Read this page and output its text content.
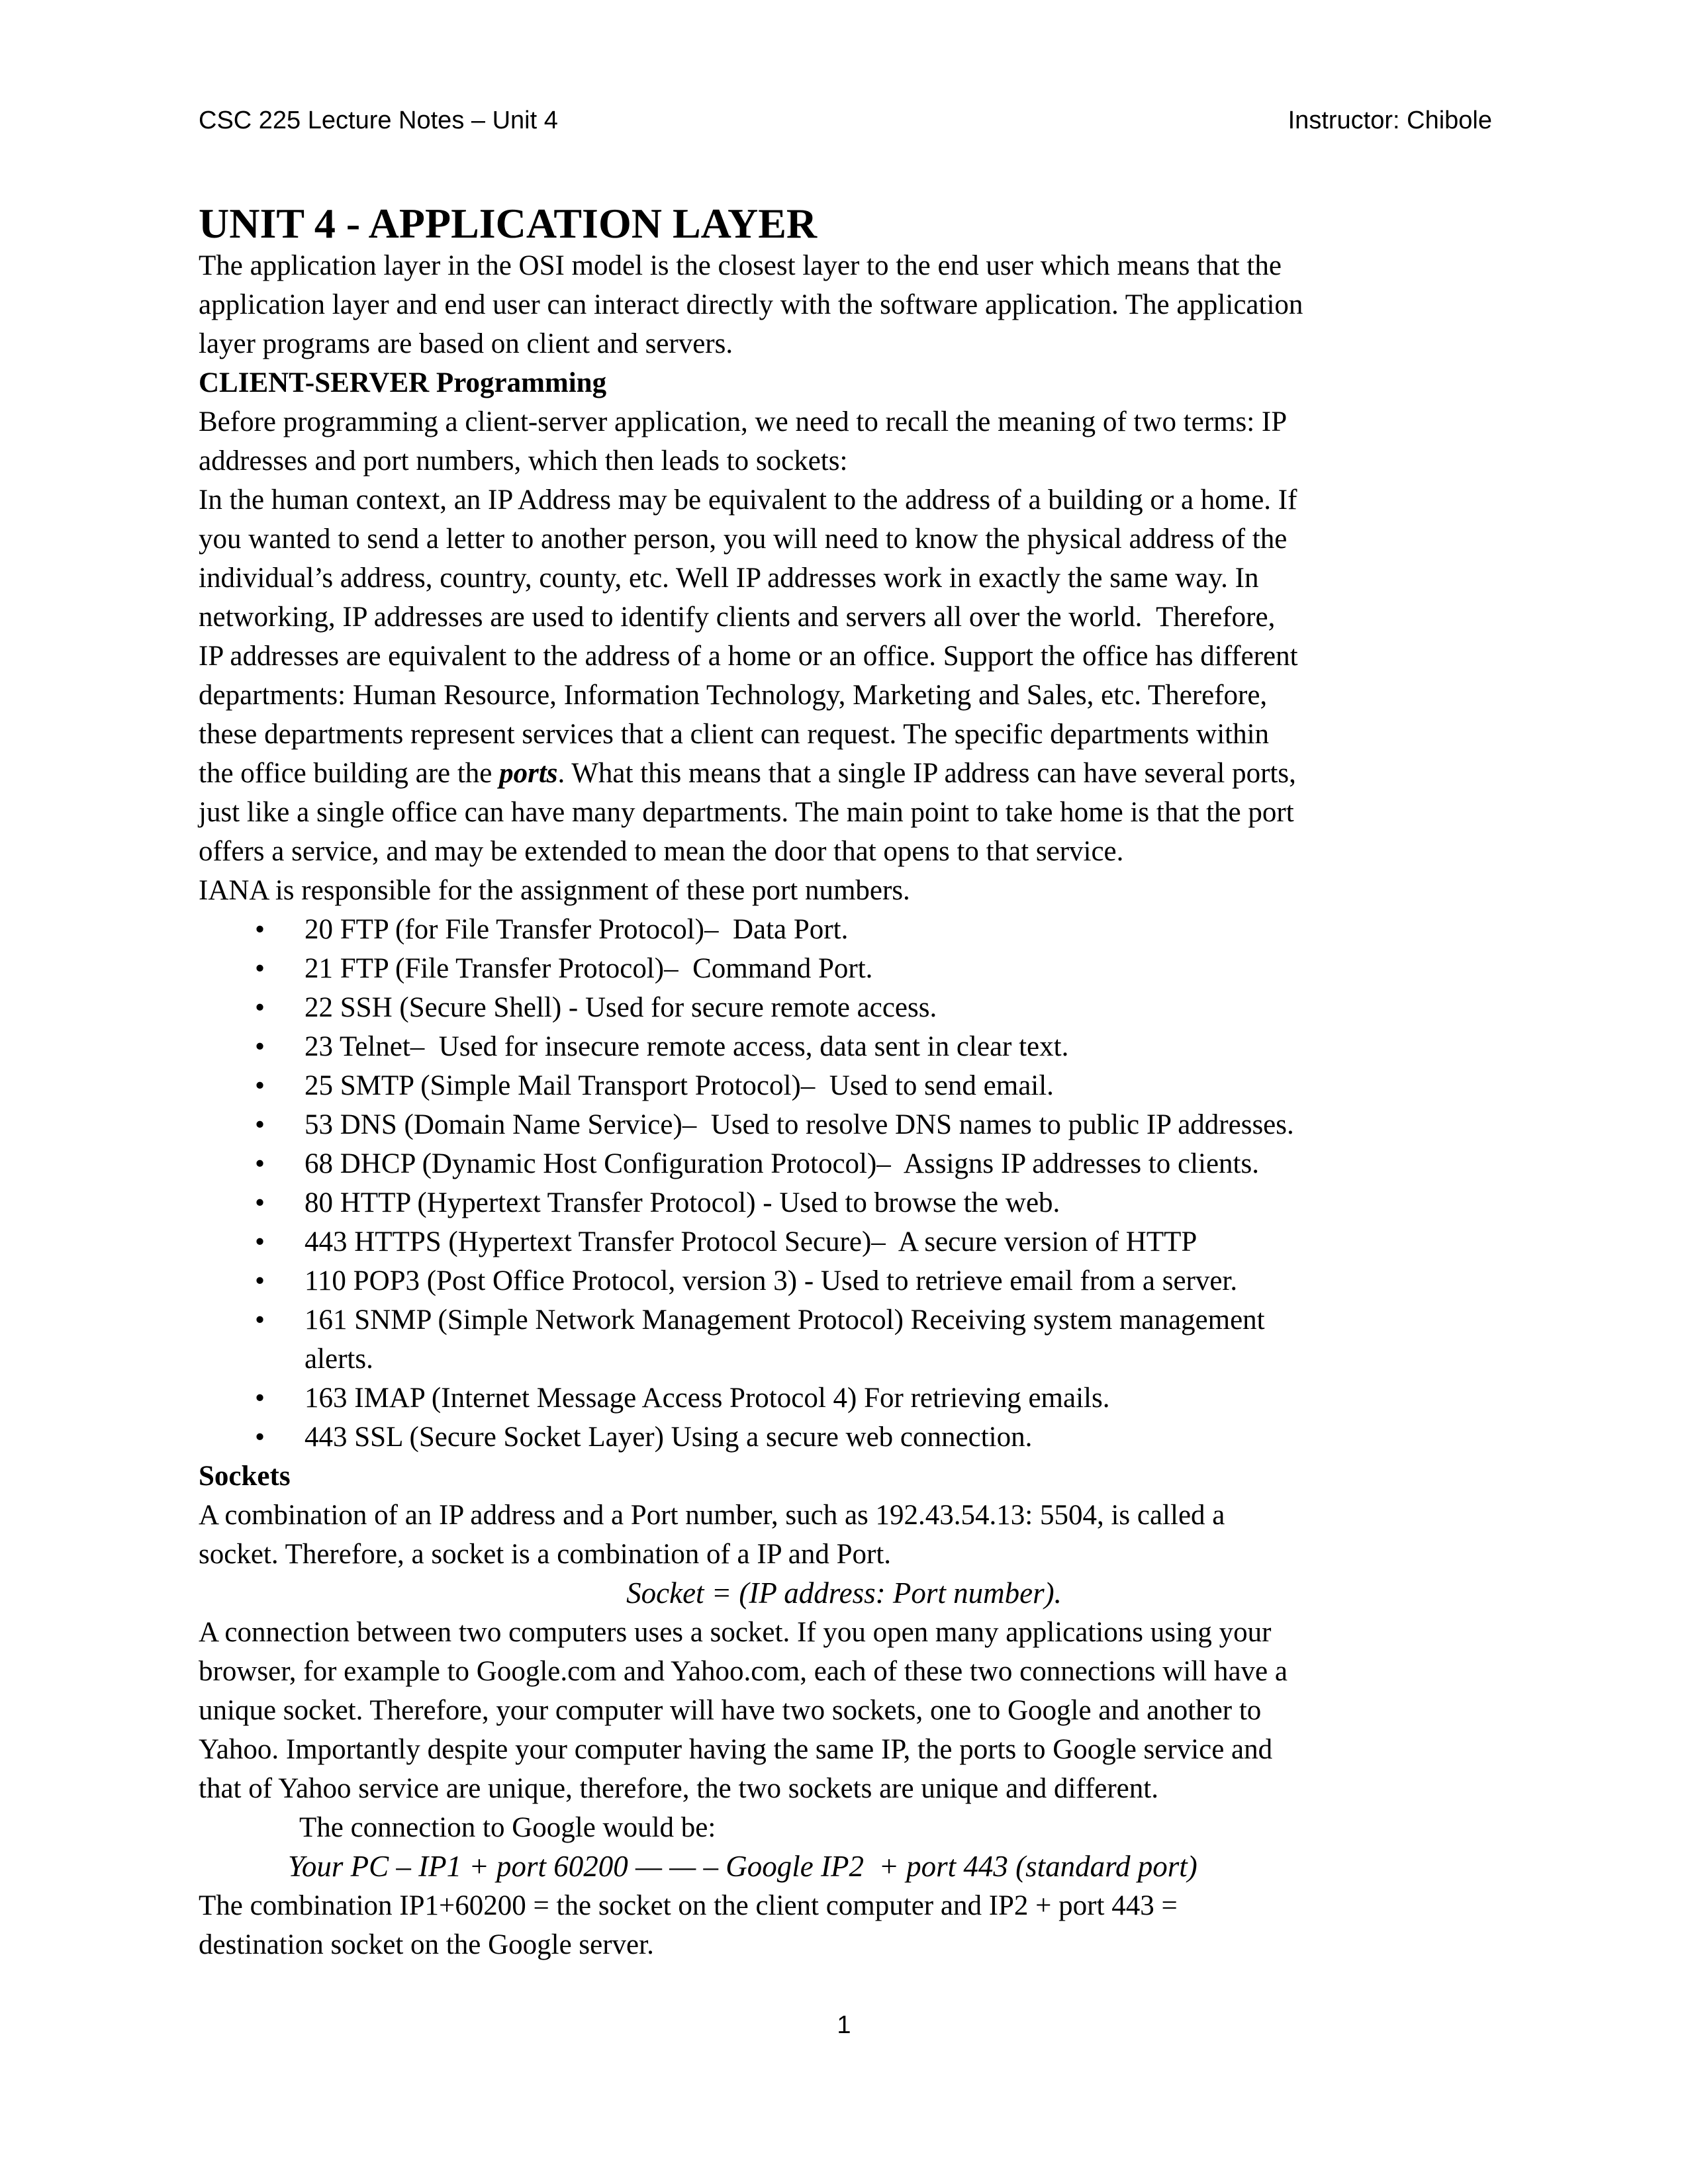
CSC 225 Lecture Notes – Unit 4	Instructor: Chibole
UNIT 4 - APPLICATION LAYER
The application layer in the OSI model is the closest layer to the end user which means that the
application layer and end user can interact directly with the software application. The application
layer programs are based on client and servers.
CLIENT-SERVER Programming
Before programming a client-server application, we need to recall the meaning of two terms: IP
addresses and port numbers, which then leads to sockets:
In the human context, an IP Address may be equivalent to the address of a building or a home. If
you wanted to send a letter to another person, you will need to know the physical address of the
individual’s address, country, county, etc. Well IP addresses work in exactly the same way. In
networking, IP addresses are used to identify clients and servers all over the world.  Therefore,
IP addresses are equivalent to the address of a home or an office. Support the office has different
departments: Human Resource, Information Technology, Marketing and Sales, etc. Therefore,
these departments represent services that a client can request. The specific departments within
the office building are the ports. What this means that a single IP address can have several ports,
just like a single office can have many departments. The main point to take home is that the port
offers a service, and may be extended to mean the door that opens to that service.
IANA is responsible for the assignment of these port numbers.
•	20 FTP (for File Transfer Protocol)–  Data Port.
•	21 FTP (File Transfer Protocol)–  Command Port.
•	22 SSH (Secure Shell) - Used for secure remote access.
•	23 Telnet–  Used for insecure remote access, data sent in clear text.
•	25 SMTP (Simple Mail Transport Protocol)–  Used to send email.
•	53 DNS (Domain Name Service)–  Used to resolve DNS names to public IP addresses.
•	68 DHCP (Dynamic Host Configuration Protocol)–  Assigns IP addresses to clients.
•	80 HTTP (Hypertext Transfer Protocol) - Used to browse the web.
•	443 HTTPS (Hypertext Transfer Protocol Secure)–  A secure version of HTTP
•	110 POP3 (Post Office Protocol, version 3) - Used to retrieve email from a server.
•	161 SNMP (Simple Network Management Protocol) Receiving system management
alerts.
•	163 IMAP (Internet Message Access Protocol 4) For retrieving emails.
•	443 SSL (Secure Socket Layer) Using a secure web connection.
Sockets
A combination of an IP address and a Port number, such as 192.43.54.13: 5504, is called a
socket. Therefore, a socket is a combination of a IP and Port.
Socket = (IP address: Port number).
A connection between two computers uses a socket. If you open many applications using your
browser, for example to Google.com and Yahoo.com, each of these two connections will have a
unique socket. Therefore, your computer will have two sockets, one to Google and another to
Yahoo. Importantly despite your computer having the same IP, the ports to Google service and
that of Yahoo service are unique, therefore, the two sockets are unique and different.
The connection to Google would be:
Your PC – IP1 + port 60200 — — – Google IP2  + port 443 (standard port)
The combination IP1+60200 = the socket on the client computer and IP2 + port 443 =
destination socket on the Google server.
1
